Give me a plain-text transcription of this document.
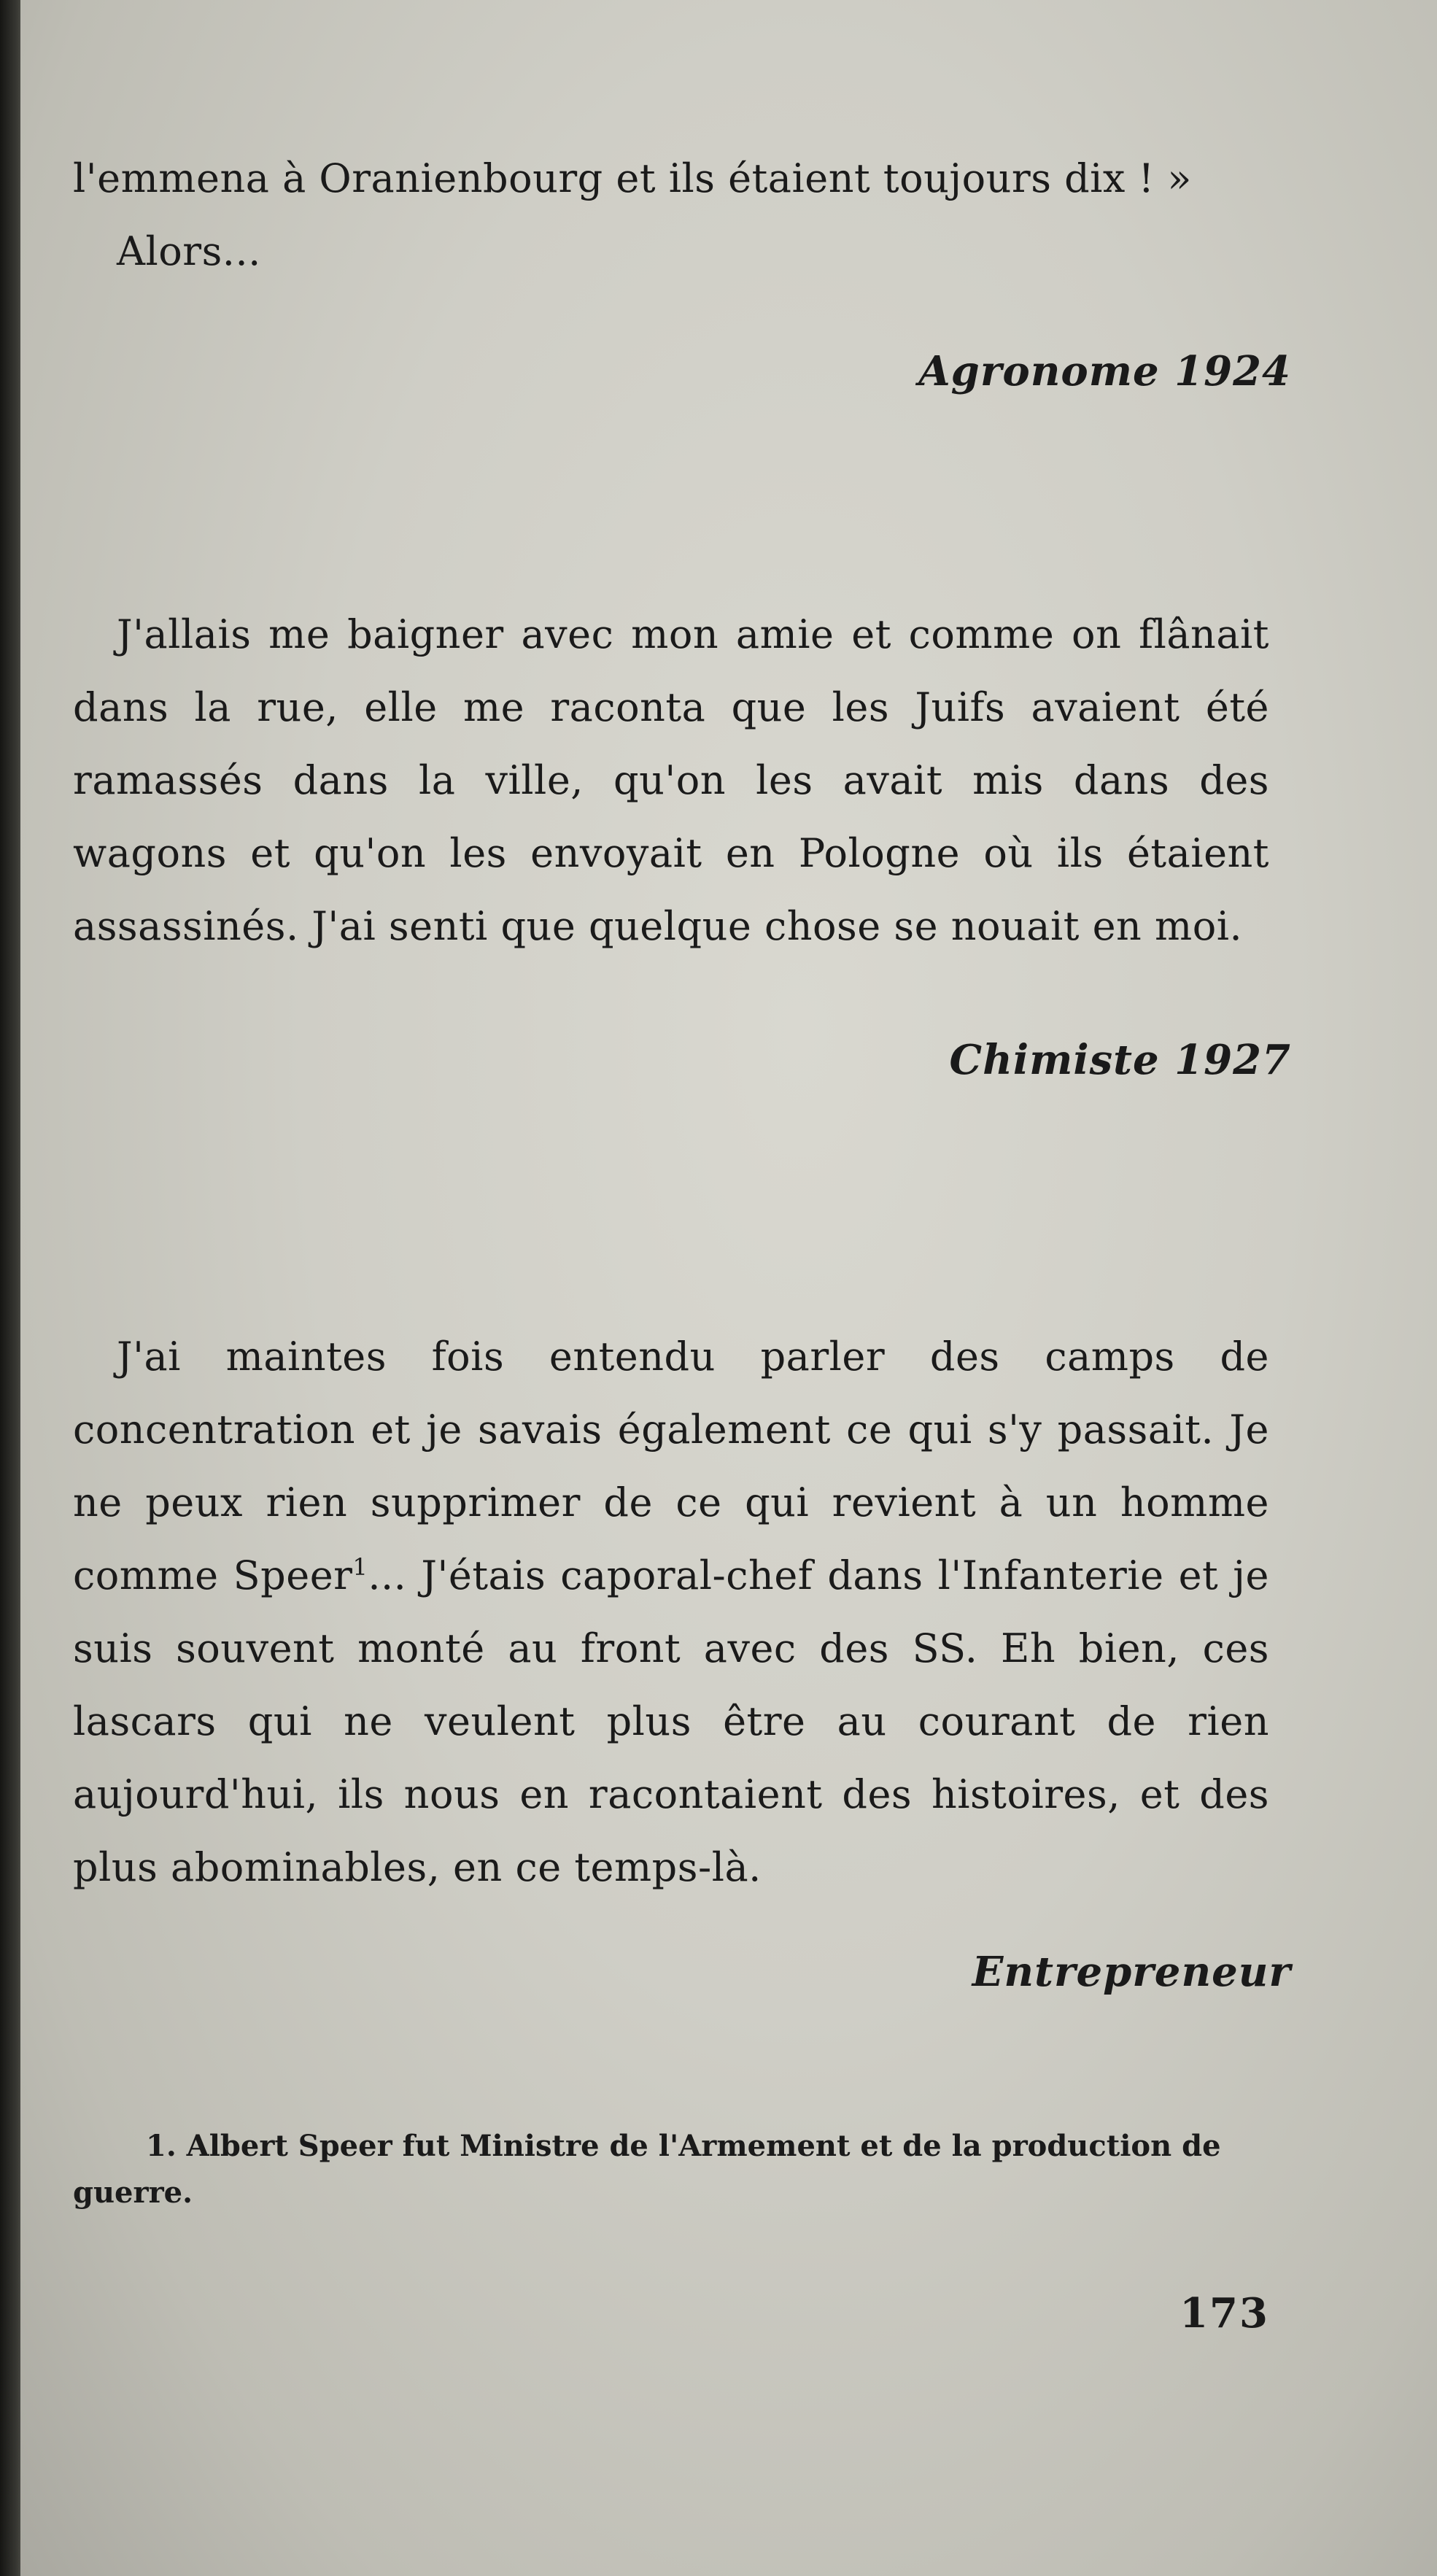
l'emmena à Oranienbourg et ils étaient toujours dix ! »

Alors...

Agronome 1924

J'allais me baigner avec mon amie et comme on flânait dans la rue, elle me raconta que les Juifs avaient été ramassés dans la ville, qu'on les avait mis dans des wagons et qu'on les envoyait en Pologne où ils étaient assassinés. J'ai senti que quelque chose se nouait en moi.

Chimiste 1927

J'ai maintes fois entendu parler des camps de concentration et je savais également ce qui s'y passait. Je ne peux rien supprimer de ce qui revient à un homme comme Speer$^1$... J'étais caporal-chef dans l'Infanterie et je suis souvent monté au front avec des SS. Eh bien, ces lascars qui ne veulent plus être au courant de rien aujourd'hui, ils nous en racontaient des histoires, et des plus abominables, en ce temps-là.

Entrepreneur
1. Albert Speer fut Ministre de l'Armement et de la production de guerre.
173
